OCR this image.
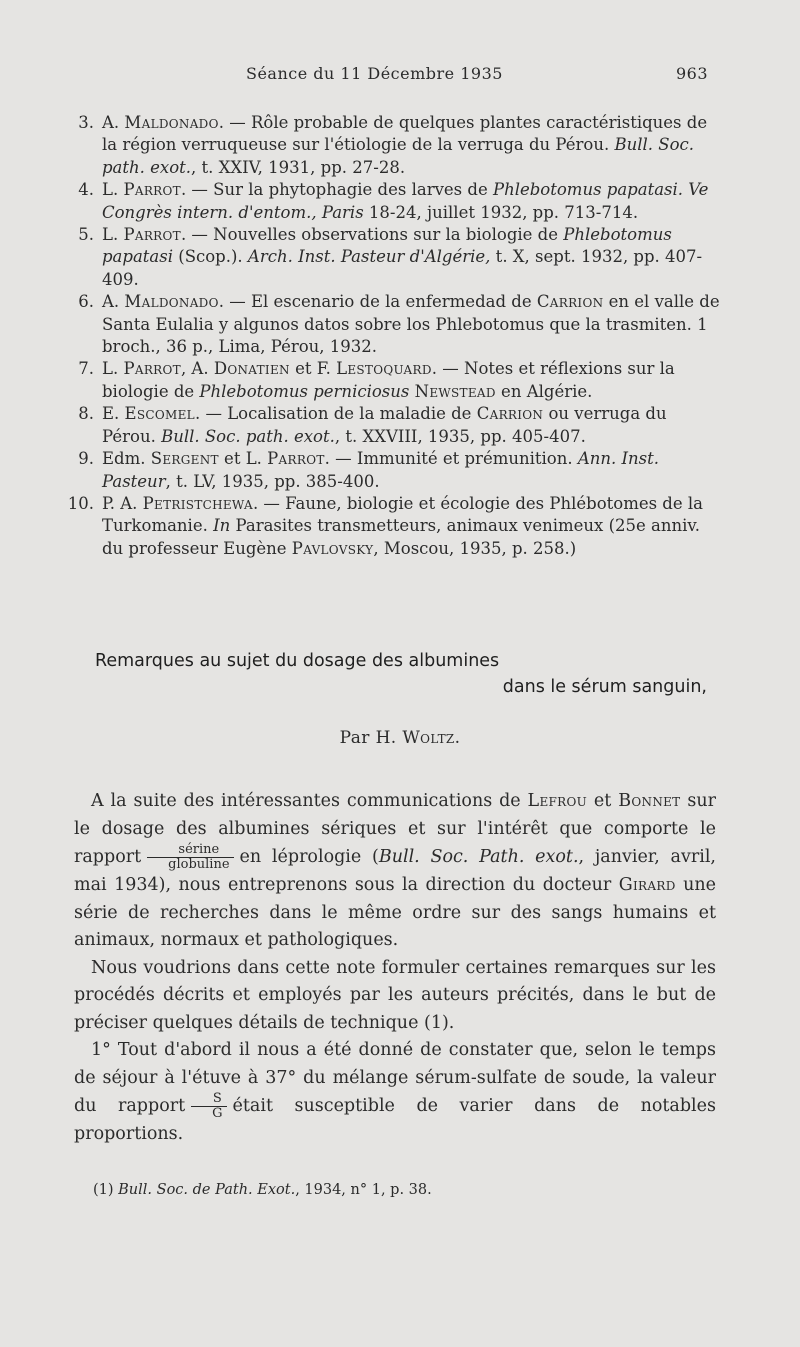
Séance du 11 Décembre 1935	963

3. A. Maldonado. — Rôle probable de quelques plantes caractéristiques de la région verruqueuse sur l'étiologie de la verruga du Pérou. Bull. Soc. path. exot., t. XXIV, 1931, pp. 27-28.

4. L. Parrot. — Sur la phytophagie des larves de Phlebotomus papatasi. Ve Congrès intern. d'entom., Paris 18-24, juillet 1932, pp. 713-714.

5. L. Parrot. — Nouvelles observations sur la biologie de Phlebotomus papatasi (Scop.). Arch. Inst. Pasteur d'Algérie, t. X, sept. 1932, pp. 407-409.

6. A. Maldonado. — El escenario de la enfermedad de Carrion en el valle de Santa Eulalia y algunos datos sobre los Phlebotomus que la trasmiten. 1 broch., 36 p., Lima, Pérou, 1932.

7. L. Parrot, A. Donatien et F. Lestoquard. — Notes et réflexions sur la biologie de Phlebotomus perniciosus Newstead en Algérie.

8. E. Escomel. — Localisation de la maladie de Carrion ou verruga du Pérou. Bull. Soc. path. exot., t. XXVIII, 1935, pp. 405-407.

9. Edm. Sergent et L. Parrot. — Immunité et prémunition. Ann. Inst. Pasteur, t. LV, 1935, pp. 385-400.

10. P. A. Petristchewa. — Faune, biologie et écologie des Phlébotomes de la Turkomanie. In Parasites transmetteurs, animaux venimeux (25e anniv. du professeur Eugène Pavlovsky, Moscou, 1935, p. 258.)

Remarques au sujet du dosage des albumines
dans le sérum sanguin,
Par H. Woltz.

A la suite des intéressantes communications de Lefrou et Bonnet sur le dosage des albumines sériques et sur l'intérêt que comporte le rapport $\frac{\text{sérine}}{\text{globuline}}$ en léprologie (Bull. Soc. Path. exot., janvier, avril, mai 1934), nous entreprenons sous la direction du docteur Girard une série de recherches dans le même ordre sur des sangs humains et animaux, normaux et pathologiques.

Nous voudrions dans cette note formuler certaines remarques sur les procédés décrits et employés par les auteurs précités, dans le but de préciser quelques détails de technique (1).

1° Tout d'abord il nous a été donné de constater que, selon le temps de séjour à l'étuve à 37° du mélange sérum-sulfate de soude, la valeur du rapport $\frac{S}{G}$ était susceptible de varier dans de notables proportions.

(1) Bull. Soc. de Path. Exot., 1934, n° 1, p. 38.
